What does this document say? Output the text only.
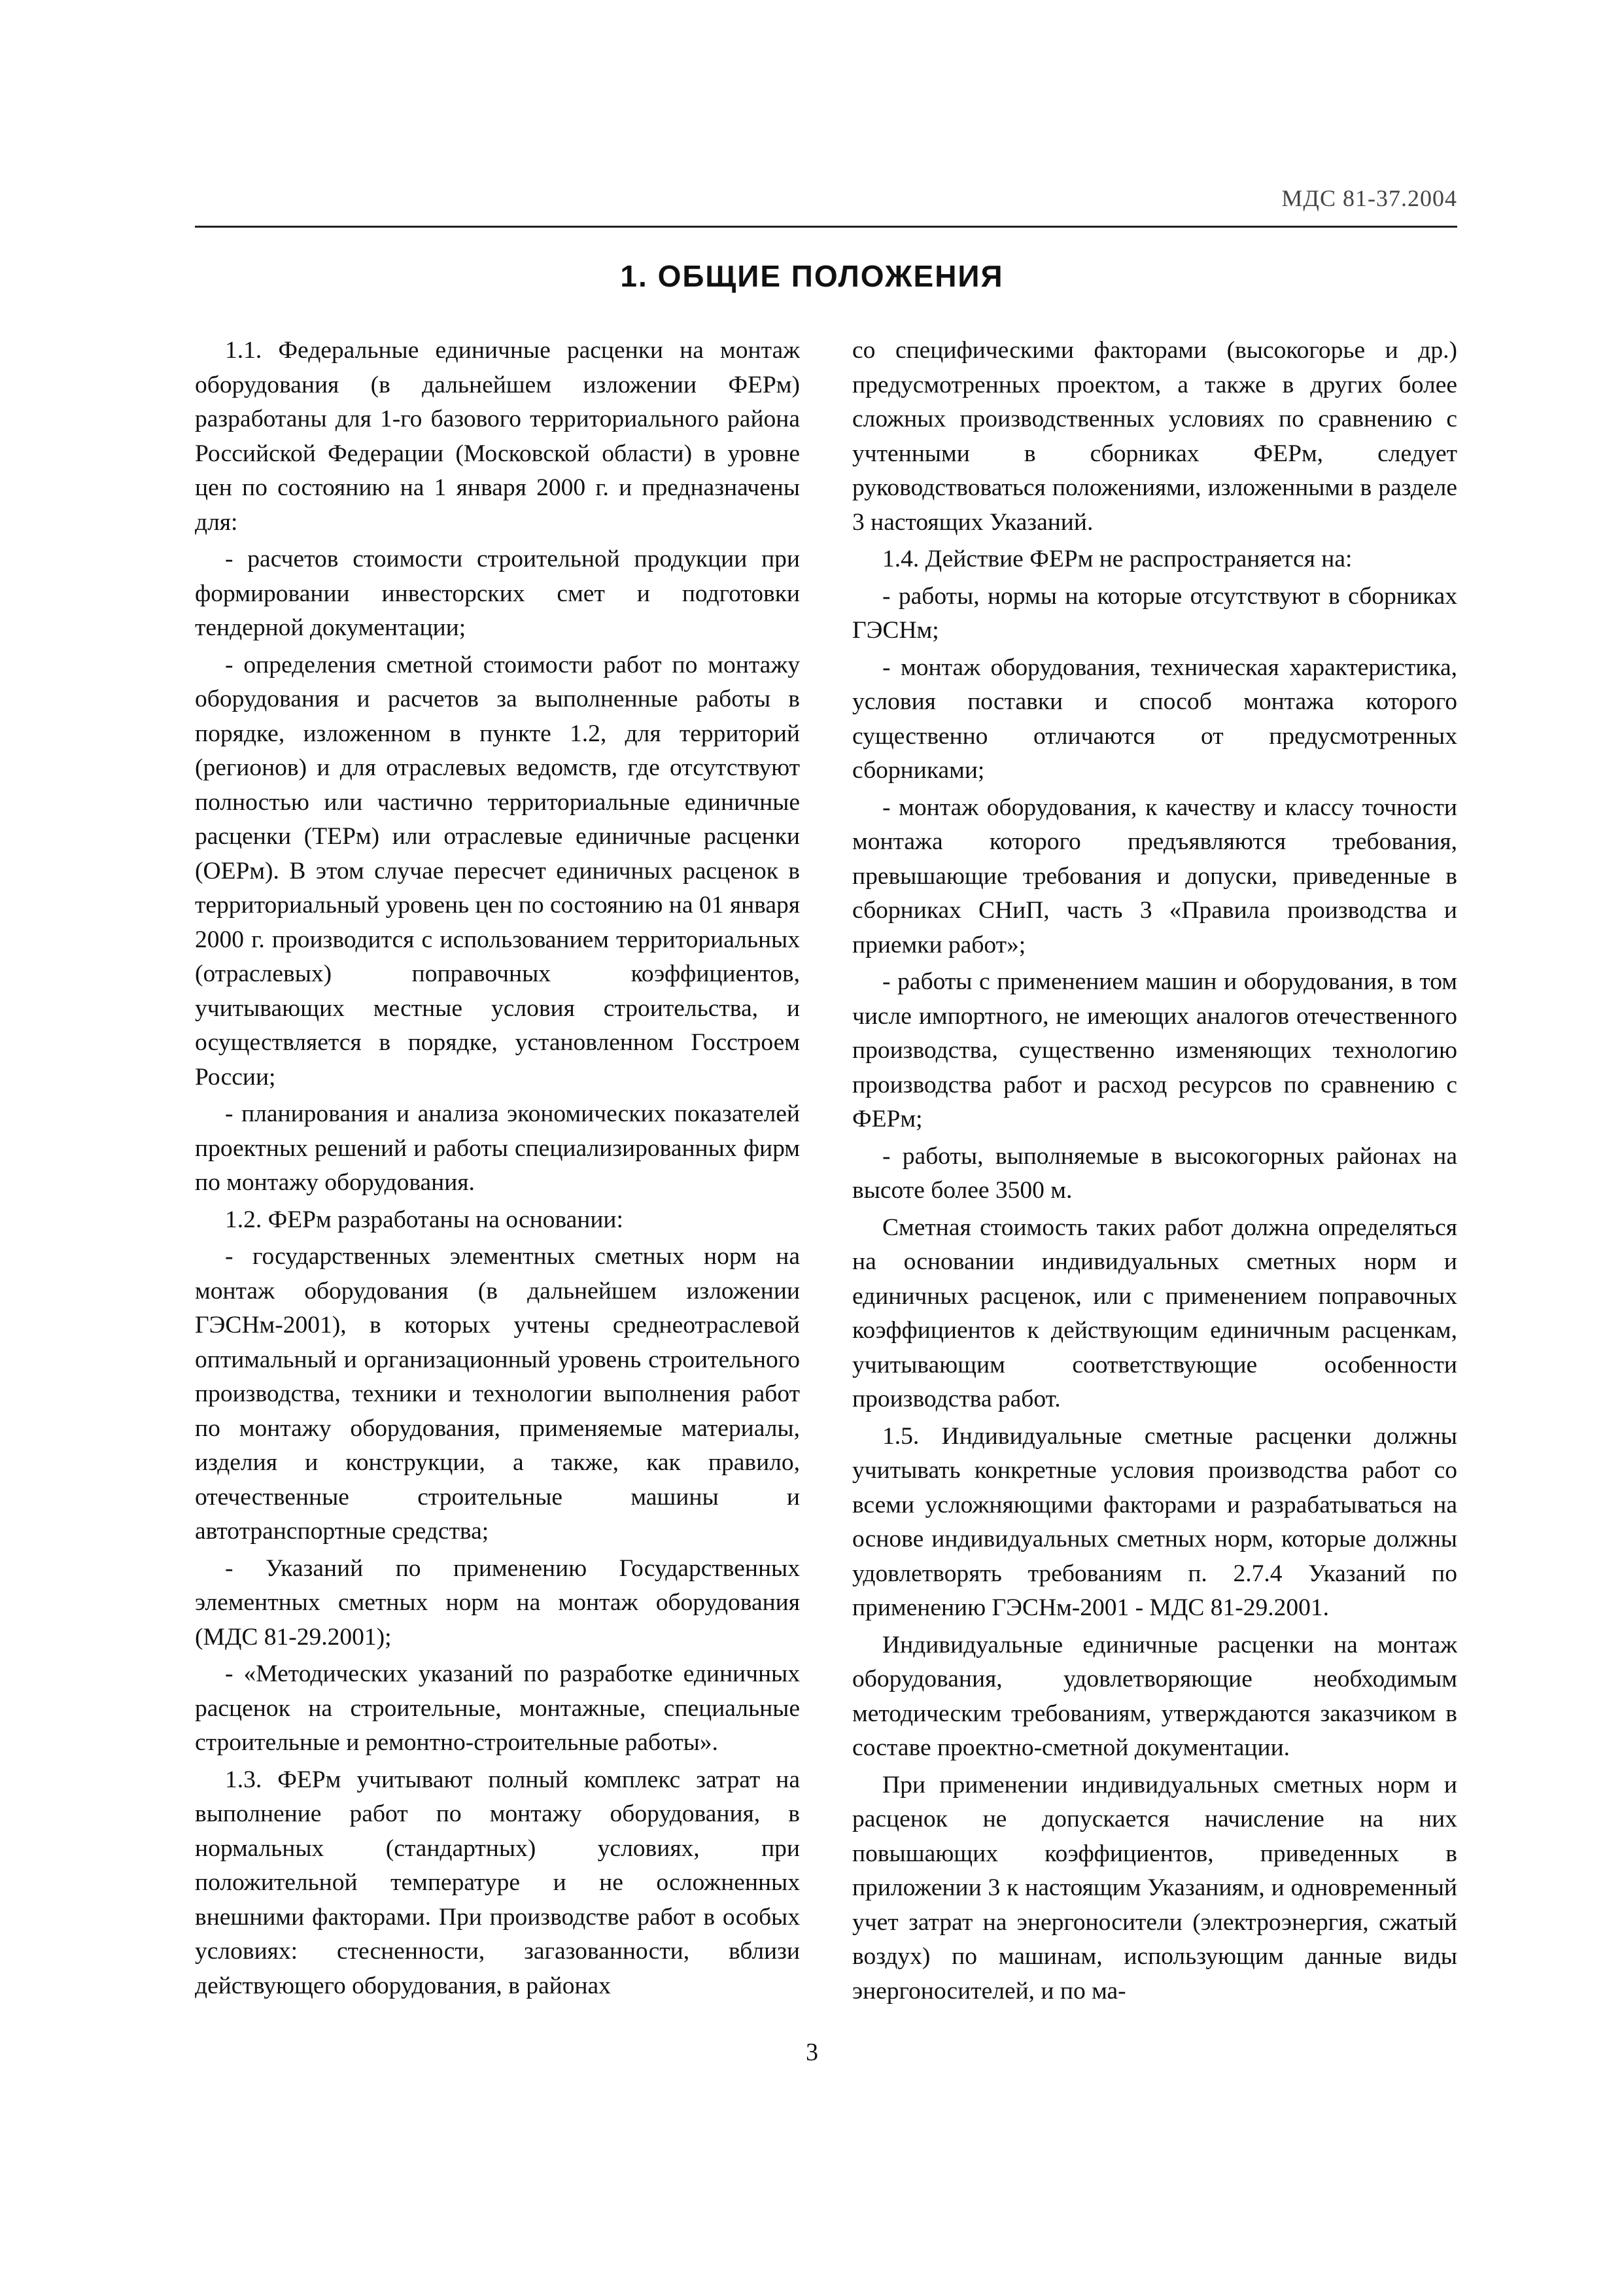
МДС 81-37.2004
1. ОБЩИЕ ПОЛОЖЕНИЯ

1.1. Федеральные единичные расценки на монтаж оборудования (в дальнейшем изложении ФЕРм) разработаны для 1-го базового территориального района Российской Федерации (Московской области) в уровне цен по состоянию на 1 января 2000 г. и предназначены для:

- расчетов стоимости строительной продукции при формировании инвесторских смет и подготовки тендерной документации;

- определения сметной стоимости работ по монтажу оборудования и расчетов за выполненные работы в порядке, изложенном в пункте 1.2, для территорий (регионов) и для отраслевых ведомств, где отсутствуют полностью или частично территориальные единичные расценки (ТЕРм) или отраслевые единичные расценки (ОЕРм). В этом случае пересчет единичных расценок в территориальный уровень цен по состоянию на 01 января 2000 г. производится с использованием территориальных (отраслевых) поправочных коэффициентов, учитывающих местные условия строительства, и осуществляется в порядке, установленном Госстроем России;

- планирования и анализа экономических показателей проектных решений и работы специализированных фирм по монтажу оборудования.

1.2. ФЕРм разработаны на основании:

- государственных элементных сметных норм на монтаж оборудования (в дальнейшем изложении ГЭСНм-2001), в которых учтены среднеотраслевой оптимальный и организационный уровень строительного производства, техники и технологии выполнения работ по монтажу оборудования, применяемые материалы, изделия и конструкции, а также, как правило, отечественные строительные машины и автотранспортные средства;

- Указаний по применению Государственных элементных сметных норм на монтаж оборудования (МДС 81-29.2001);

- «Методических указаний по разработке единичных расценок на строительные, монтажные, специальные строительные и ремонтно-строительные работы».

1.3. ФЕРм учитывают полный комплекс затрат на выполнение работ по монтажу оборудования, в нормальных (стандартных) условиях, при положительной температуре и не осложненных внешними факторами. При производстве работ в особых условиях: стесненности, загазованности, вблизи действующего оборудования, в районах

со специфическими факторами (высокогорье и др.) предусмотренных проектом, а также в других более сложных производственных условиях по сравнению с учтенными в сборниках ФЕРм, следует руководствоваться положениями, изложенными в разделе 3 настоящих Указаний.

1.4. Действие ФЕРм не распространяется на:

- работы, нормы на которые отсутствуют в сборниках ГЭСНм;

- монтаж оборудования, техническая характеристика, условия поставки и способ монтажа которого существенно отличаются от предусмотренных сборниками;

- монтаж оборудования, к качеству и классу точности монтажа которого предъявляются требования, превышающие требования и допуски, приведенные в сборниках СНиП, часть 3 «Правила производства и приемки работ»;

- работы с применением машин и оборудования, в том числе импортного, не имеющих аналогов отечественного производства, существенно изменяющих технологию производства работ и расход ресурсов по сравнению с ФЕРм;

- работы, выполняемые в высокогорных районах на высоте более 3500 м.

Сметная стоимость таких работ должна определяться на основании индивидуальных сметных норм и единичных расценок, или с применением поправочных коэффициентов к действующим единичным расценкам, учитывающим соответствующие особенности производства работ.

1.5. Индивидуальные сметные расценки должны учитывать конкретные условия производства работ со всеми усложняющими факторами и разрабатываться на основе индивидуальных сметных норм, которые должны удовлетворять требованиям п. 2.7.4 Указаний по применению ГЭСНм-2001 - МДС 81-29.2001.

Индивидуальные единичные расценки на монтаж оборудования, удовлетворяющие необходимым методическим требованиям, утверждаются заказчиком в составе проектно-сметной документации.

При применении индивидуальных сметных норм и расценок не допускается начисление на них повышающих коэффициентов, приведенных в приложении 3 к настоящим Указаниям, и одновременный учет затрат на энергоносители (электроэнергия, сжатый воздух) по машинам, использующим данные виды энергоносителей, и по ма-

3
